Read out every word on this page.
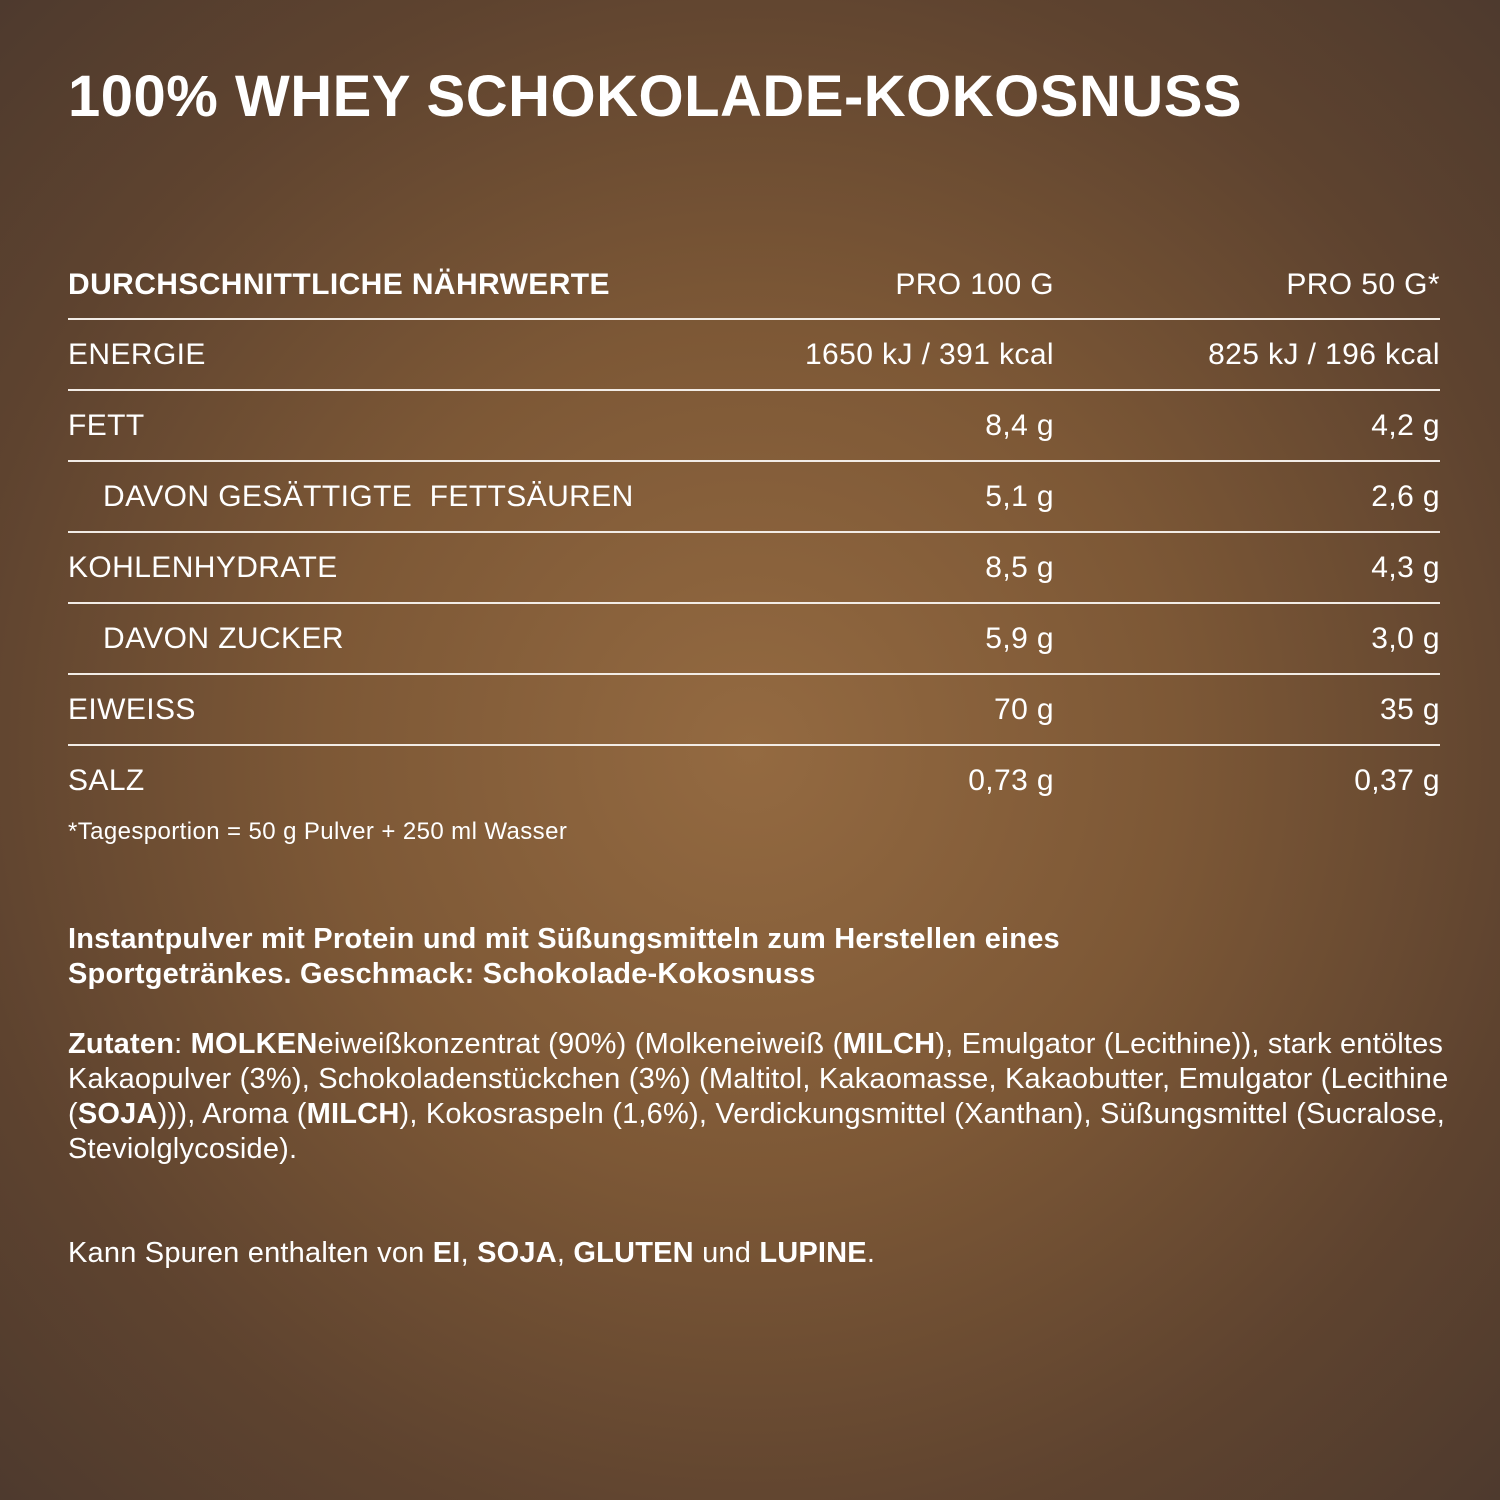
100% WHEY SCHOKOLADE-KOKOSNUSS
DURCHSCHNITTLICHE NÄHRWERTE	PRO 100 G	PRO 50 G*
ENERGIE	1650 kJ / 391 kcal	825 kJ / 196 kcal
FETT	8,4 g	4,2 g
DAVON GESÄTTIGTE  FETTSÄUREN	5,1 g	2,6 g
KOHLENHYDRATE	8,5 g	4,3 g
DAVON ZUCKER	5,9 g	3,0 g
EIWEISS	70 g	35 g
SALZ	0,73 g	0,37 g
*Tagesportion = 50 g Pulver + 250 ml Wasser
Instantpulver mit Protein und mit Süßungsmitteln zum Herstellen eines
Sportgetränkes. Geschmack: Schokolade-Kokosnuss
Zutaten: MOLKENeiweißkonzentrat (90%) (Molkeneiweiß (MILCH), Emulgator (Lecithine)), stark entöltes Kakaopulver (3%), Schokoladenstückchen (3%) (Maltitol, Kakaomasse, Kakaobutter, Emulgator (Lecithine (SOJA))), Aroma (MILCH), Kokosraspeln (1,6%), Verdickungsmittel (Xanthan), Süßungsmittel (Sucralose, Steviolglycoside).
Kann Spuren enthalten von EI, SOJA, GLUTEN und LUPINE.
